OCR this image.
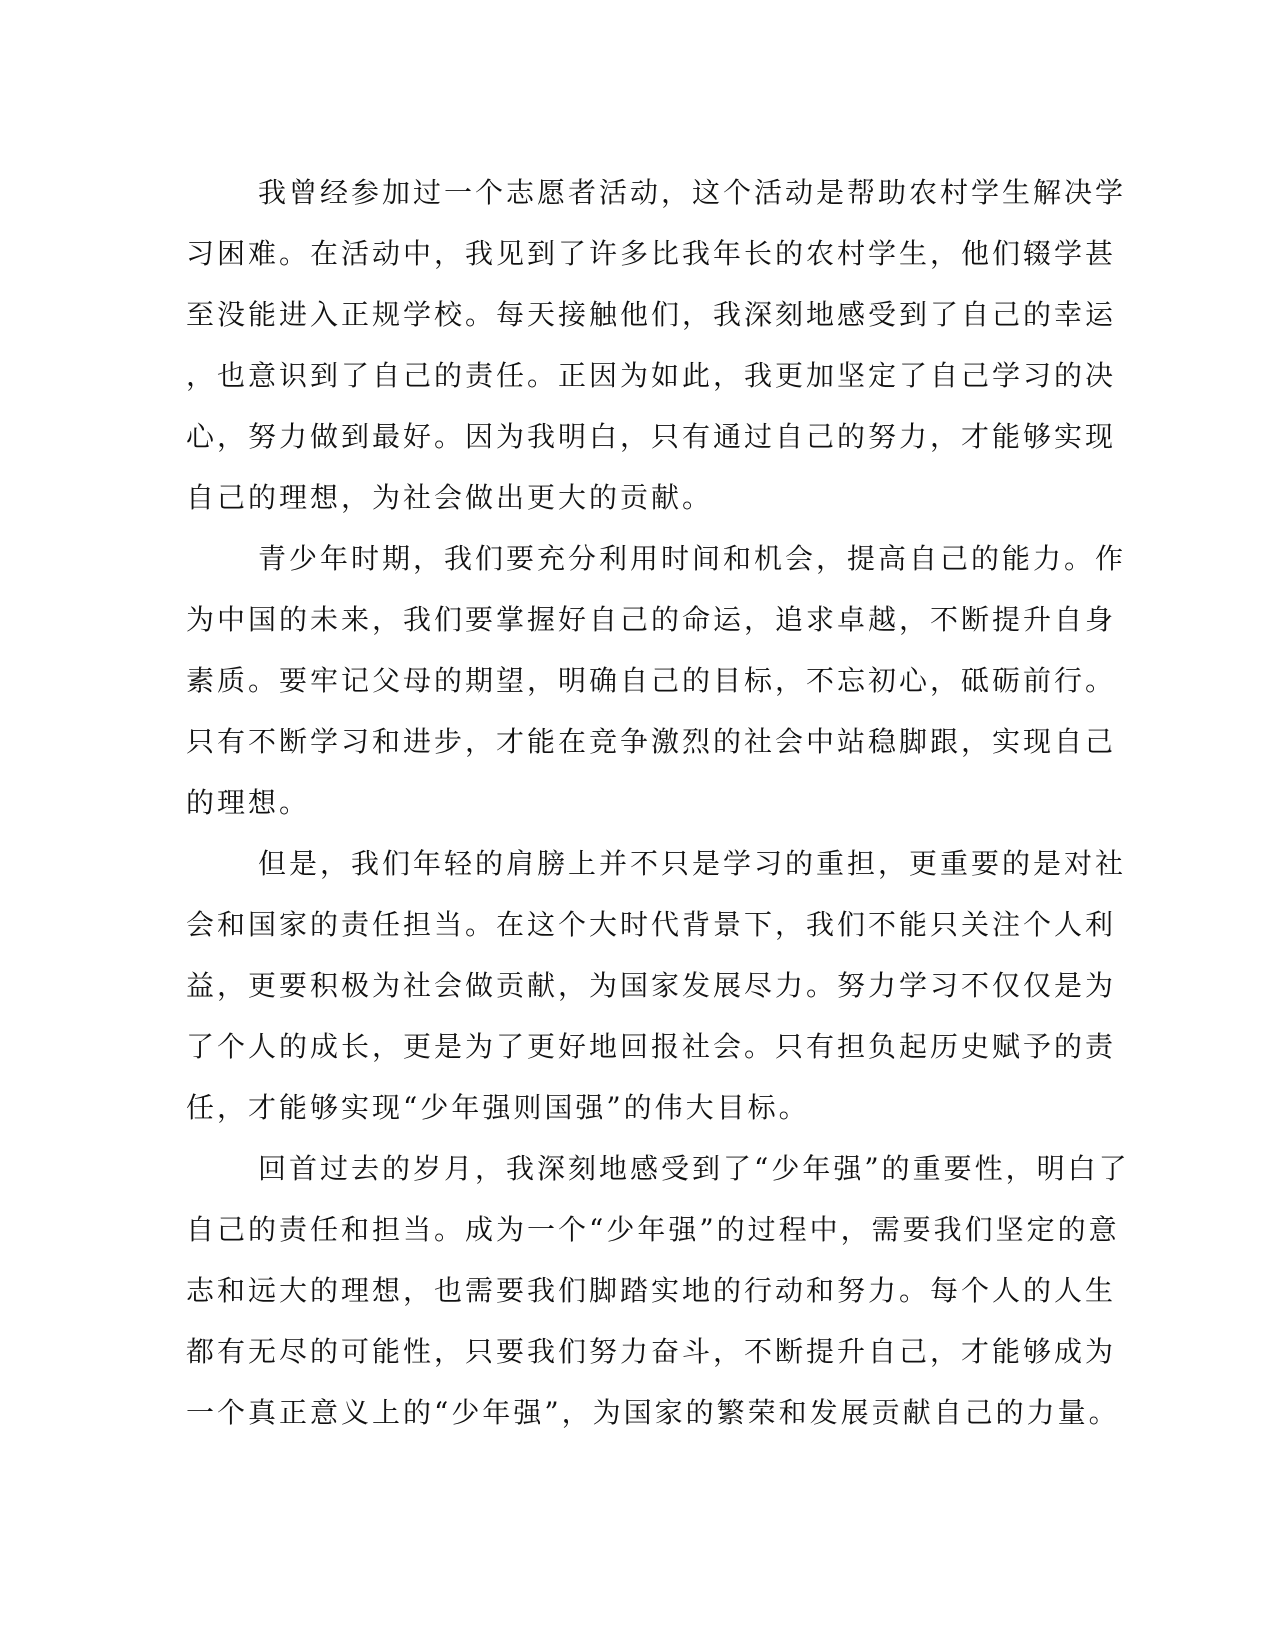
我曾经参加过一个志愿者活动，这个活动是帮助农村学生解决学
习困难。在活动中，我见到了许多比我年长的农村学生，他们辍学甚
至没能进入正规学校。每天接触他们，我深刻地感受到了自己的幸运
，也意识到了自己的责任。正因为如此，我更加坚定了自己学习的决
心，努力做到最好。因为我明白，只有通过自己的努力，才能够实现
自己的理想，为社会做出更大的贡献。
青少年时期，我们要充分利用时间和机会，提高自己的能力。作
为中国的未来，我们要掌握好自己的命运，追求卓越，不断提升自身
素质。要牢记父母的期望，明确自己的目标，不忘初心，砥砺前行。
只有不断学习和进步，才能在竞争激烈的社会中站稳脚跟，实现自己
的理想。
但是，我们年轻的肩膀上并不只是学习的重担，更重要的是对社
会和国家的责任担当。在这个大时代背景下，我们不能只关注个人利
益，更要积极为社会做贡献，为国家发展尽力。努力学习不仅仅是为
了个人的成长，更是为了更好地回报社会。只有担负起历史赋予的责
任，才能够实现“少年强则国强”的伟大目标。
回首过去的岁月，我深刻地感受到了“少年强”的重要性，明白了
自己的责任和担当。成为一个“少年强”的过程中，需要我们坚定的意
志和远大的理想，也需要我们脚踏实地的行动和努力。每个人的人生
都有无尽的可能性，只要我们努力奋斗，不断提升自己，才能够成为
一个真正意义上的“少年强”，为国家的繁荣和发展贡献自己的力量。
